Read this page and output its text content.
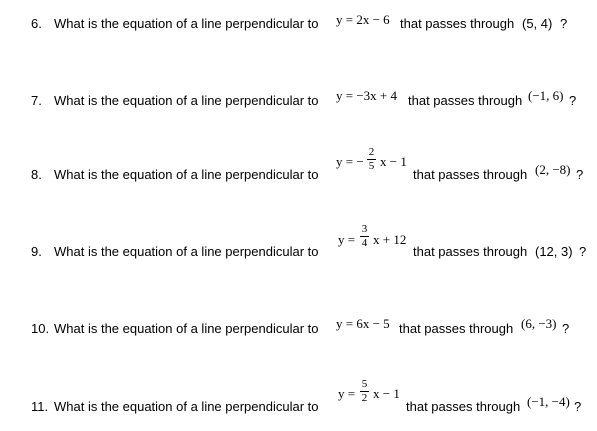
6. What is the equation of a line perpendicular to y = 2x − 6 that passes through (5, 4) ?
7. What is the equation of a line perpendicular to y = −3x + 4 that passes through (−1, 6) ?
8. What is the equation of a line perpendicular to
y = −
2
5 x − 1
that passes through (2, −8) ?
9. What is the equation of a line perpendicular to
y =
3
4 x + 12
that passes through (12, 3) ?
10. What is the equation of a line perpendicular to y = 6x − 5 that passes through (6, −3) ?
11. What is the equation of a line perpendicular to
y =
5
2 x − 1
that passes through (−1, −4) ?
